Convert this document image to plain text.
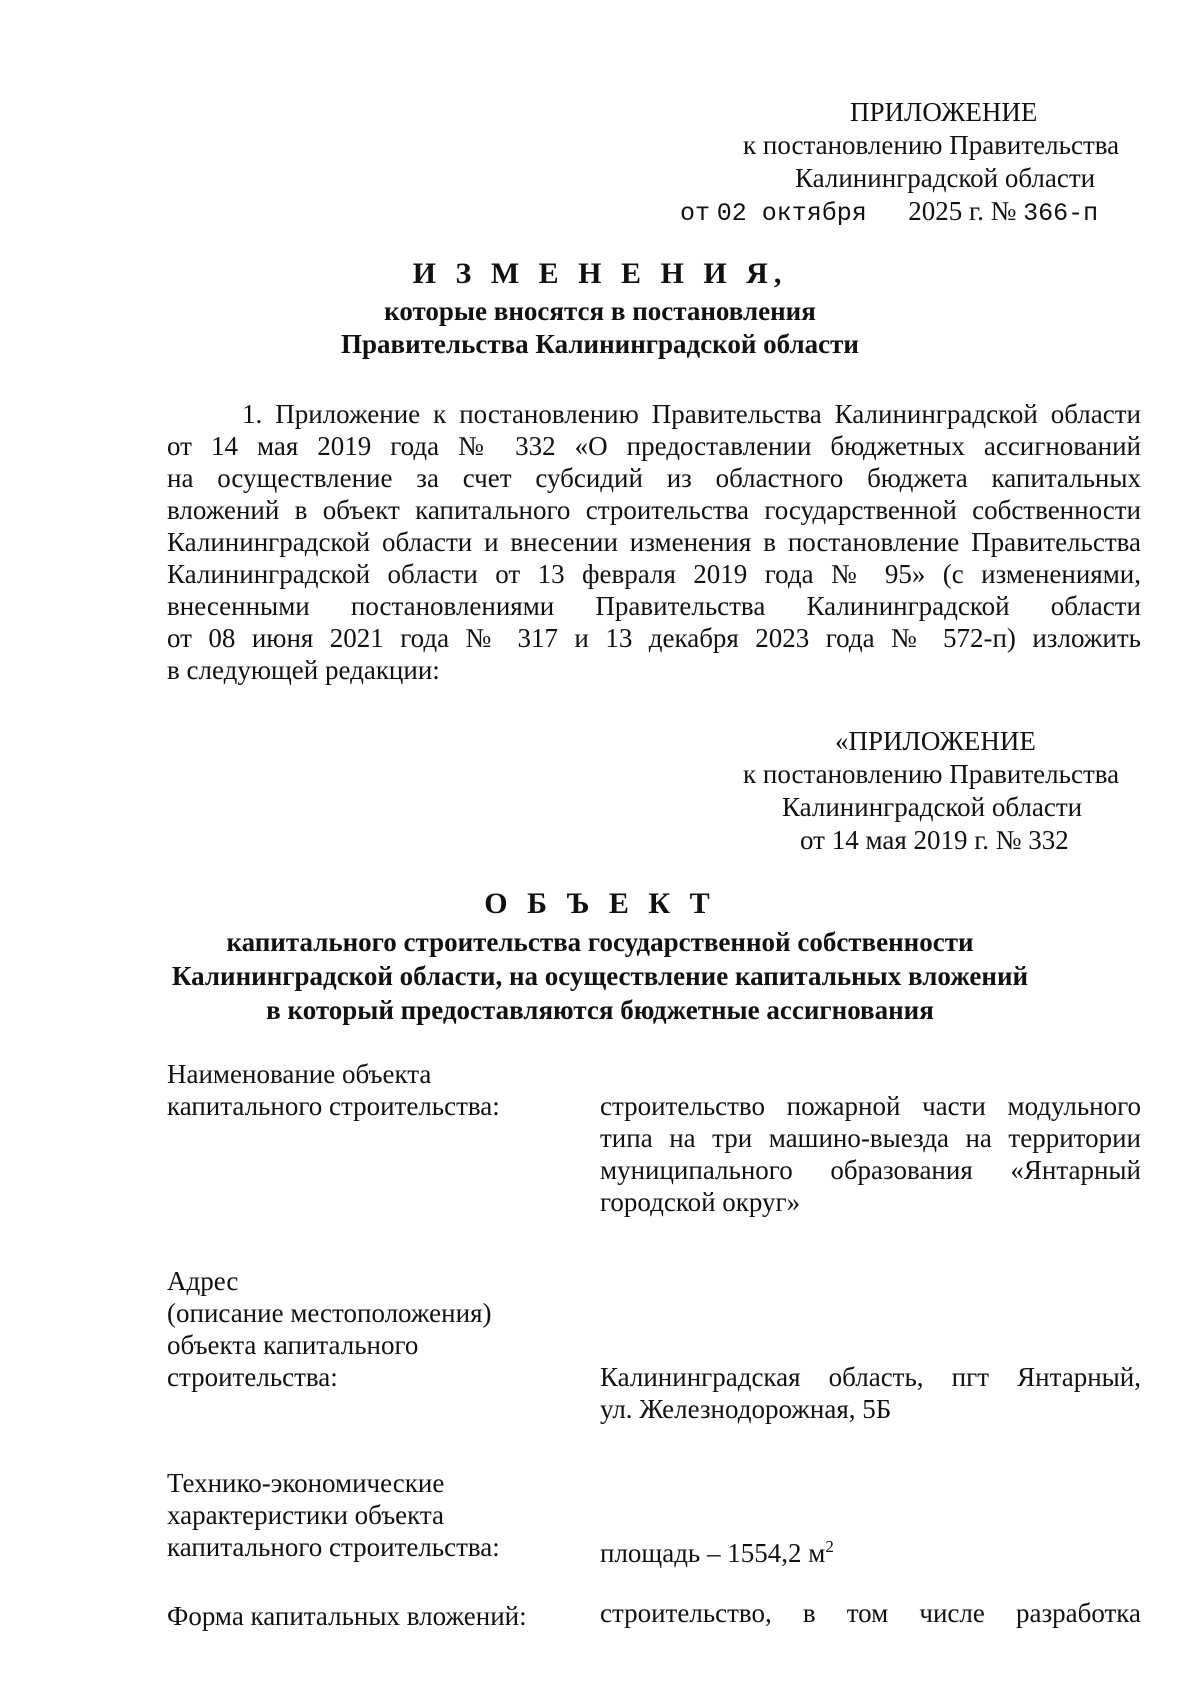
ПРИЛОЖЕНИЕ
к постановлению Правительства
Калининградской области
от 02 октября 2025 г. № 366-п
И З М Е Н Е Н И Я,
которые вносятся в постановления
Правительства Калининградской области
1. Приложение к постановлению Правительства Калининградской области
от 14 мая 2019 года № 332 «О предоставлении бюджетных ассигнований
на осуществление за счет субсидий из областного бюджета капитальных
вложений в объект капитального строительства государственной собственности
Калининградской области и внесении изменения в постановление Правительства
Калининградской области от 13 февраля 2019 года № 95» (с изменениями,
внесенными постановлениями Правительства Калининградской области
от 08 июня 2021 года № 317 и 13 декабря 2023 года № 572-п) изложить
в следующей редакции:
«ПРИЛОЖЕНИЕ
к постановлению Правительства
Калининградской области
от 14 мая 2019 г. № 332
О Б Ъ Е К Т
капитального строительства государственной собственности
Калининградской области, на осуществление капитальных вложений
в который предоставляются бюджетные ассигнования
Наименование объекта
капитального строительства:	строительство пожарной части модульного
типа на три машино-выезда на территории
муниципального образования «Янтарный
городской округ»
Адрес
(описание местоположения)
объекта капитального
строительства:	Калининградская область, пгт Янтарный,
ул. Железнодорожная, 5Б
Технико-экономические
характеристики объекта
капитального строительства:	площадь – 1554,2 $м^2$
Форма капитальных вложений:	строительство, в том числе разработка
